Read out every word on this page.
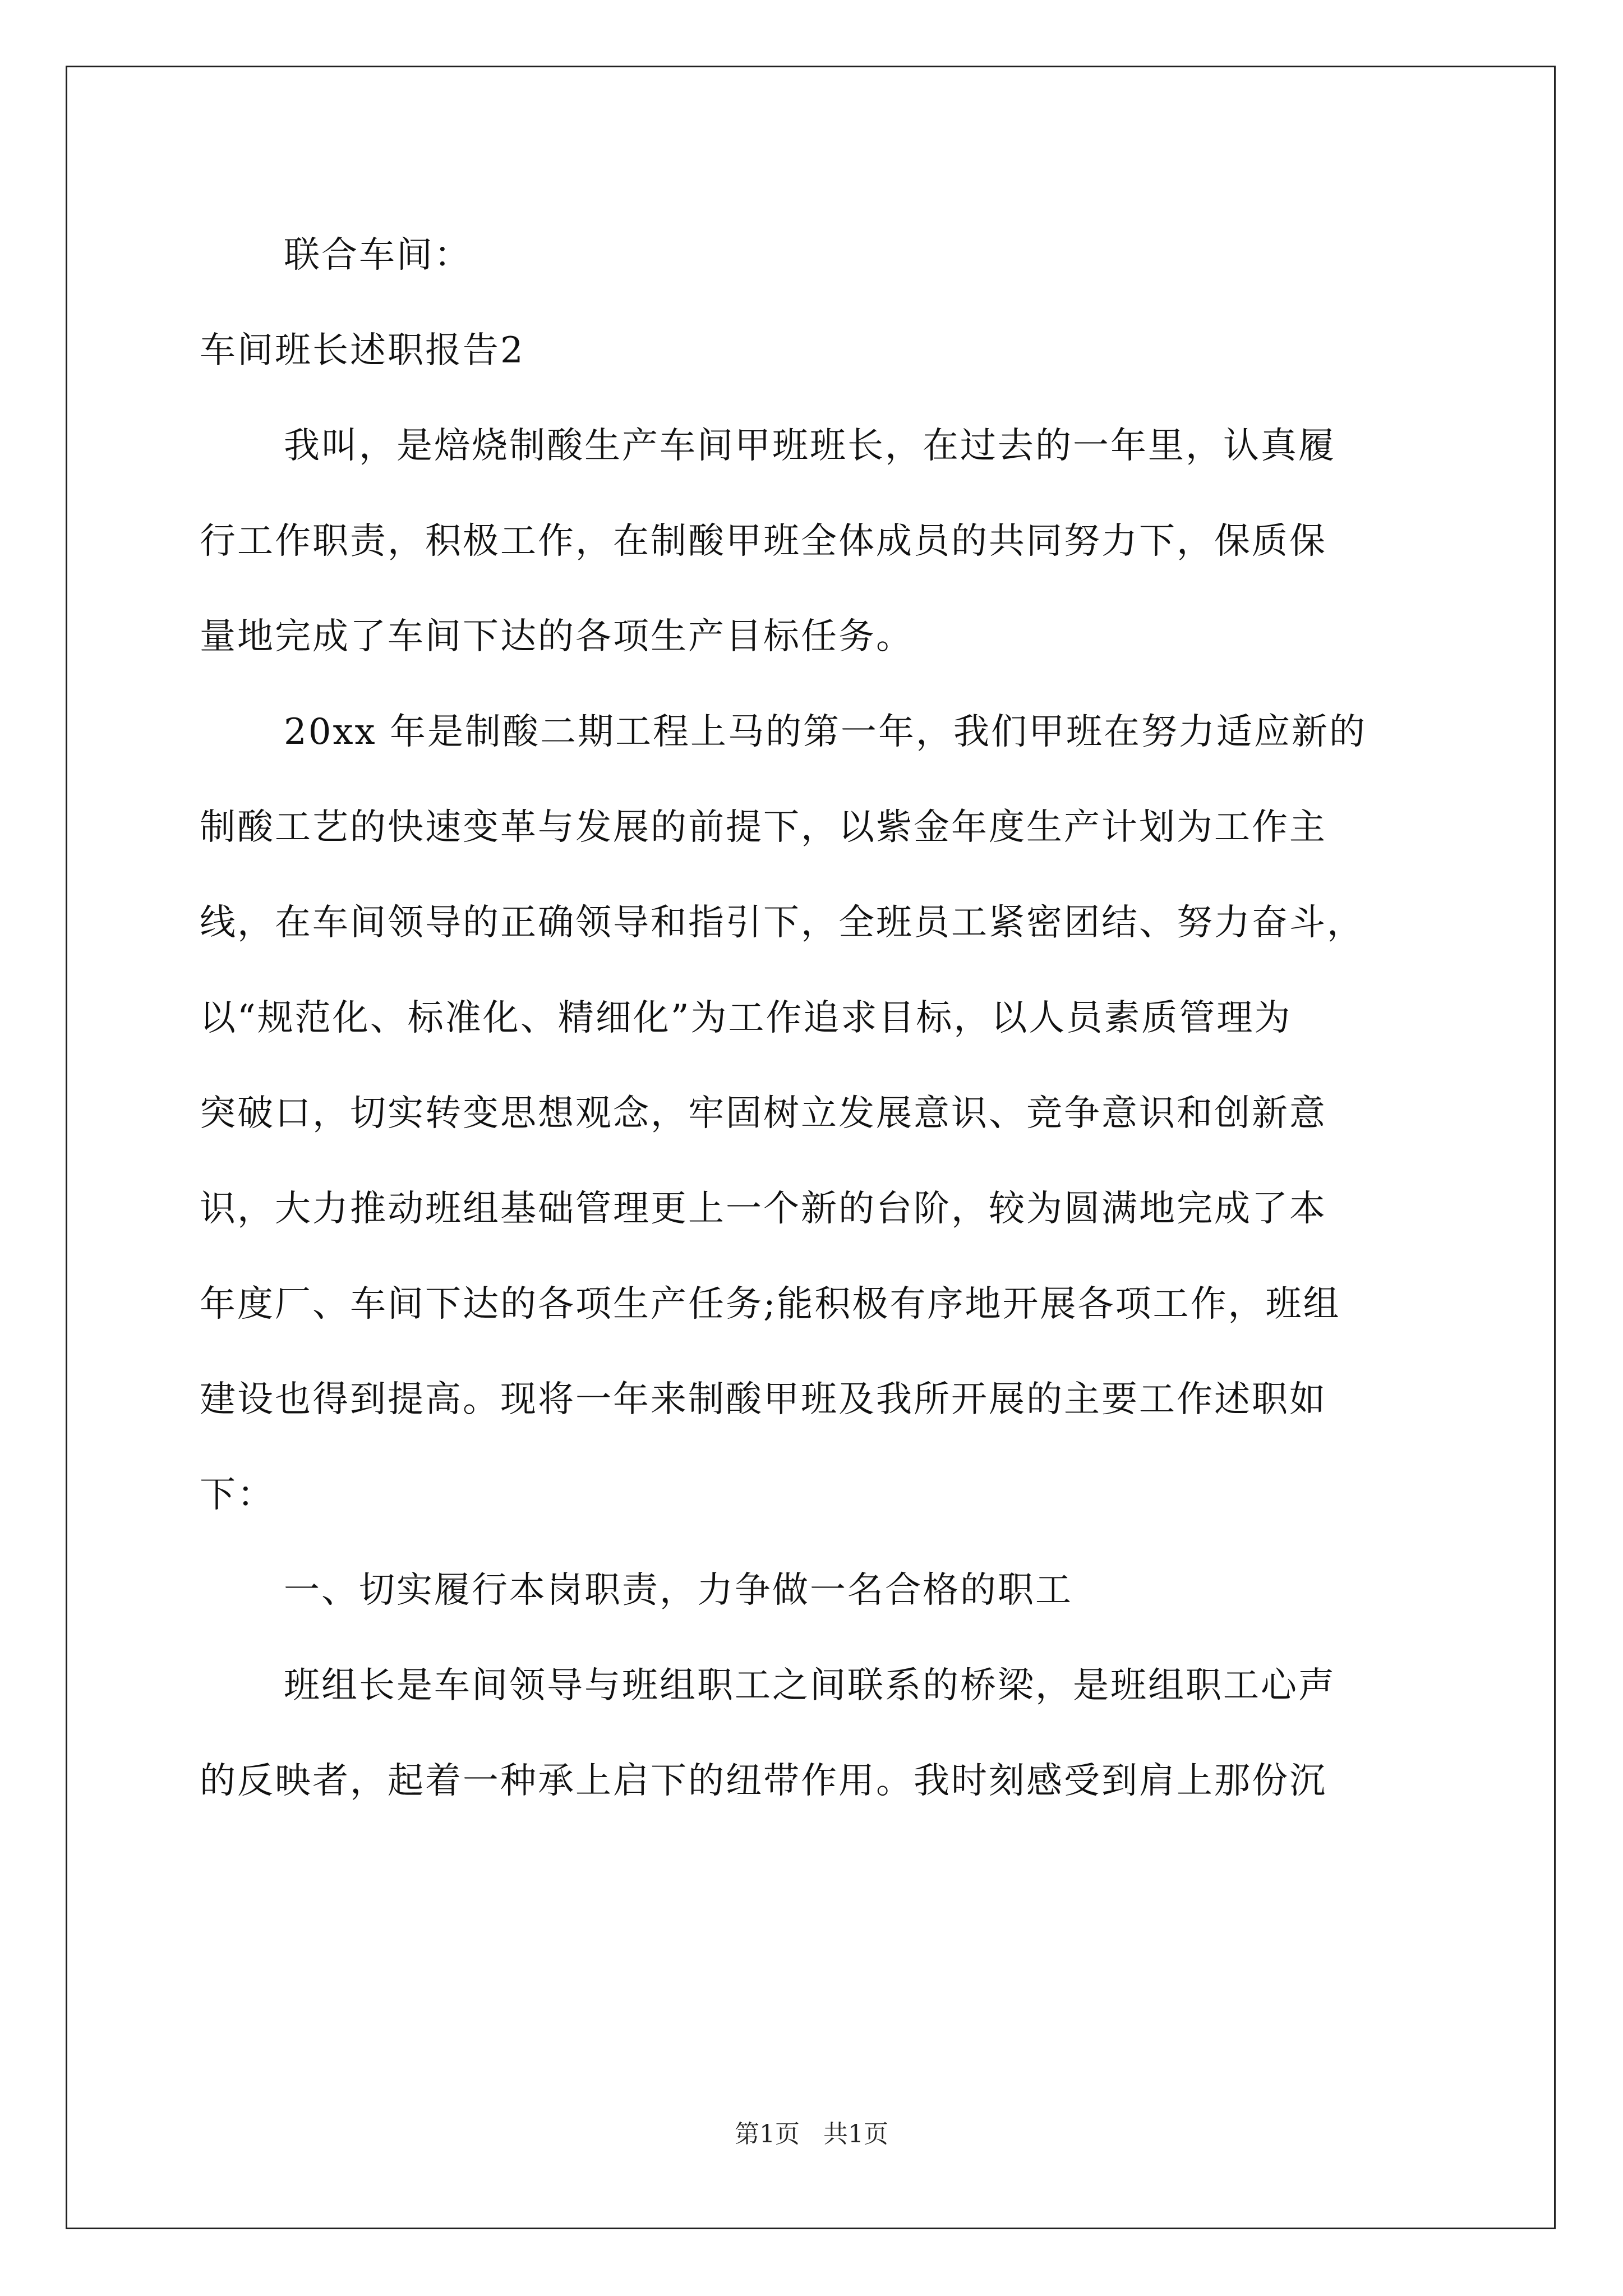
联合车间：
车间班长述职报告2
我叫，是焙烧制酸生产车间甲班班长，在过去的一年里，认真履
行工作职责，积极工作，在制酸甲班全体成员的共同努力下，保质保
量地完成了车间下达的各项生产目标任务。
20xx 年是制酸二期工程上马的第一年，我们甲班在努力适应新的
制酸工艺的快速变革与发展的前提下，以紫金年度生产计划为工作主
线，在车间领导的正确领导和指引下，全班员工紧密团结、努力奋斗，
以“规范化、标准化、精细化”为工作追求目标，以人员素质管理为
突破口，切实转变思想观念，牢固树立发展意识、竞争意识和创新意
识，大力推动班组基础管理更上一个新的台阶，较为圆满地完成了本
年度厂、车间下达的各项生产任务;能积极有序地开展各项工作，班组
建设也得到提高。现将一年来制酸甲班及我所开展的主要工作述职如
下：
一、切实履行本岗职责，力争做一名合格的职工
班组长是车间领导与班组职工之间联系的桥梁，是班组职工心声
的反映者，起着一种承上启下的纽带作用。我时刻感受到肩上那份沉
第1页   共1页
